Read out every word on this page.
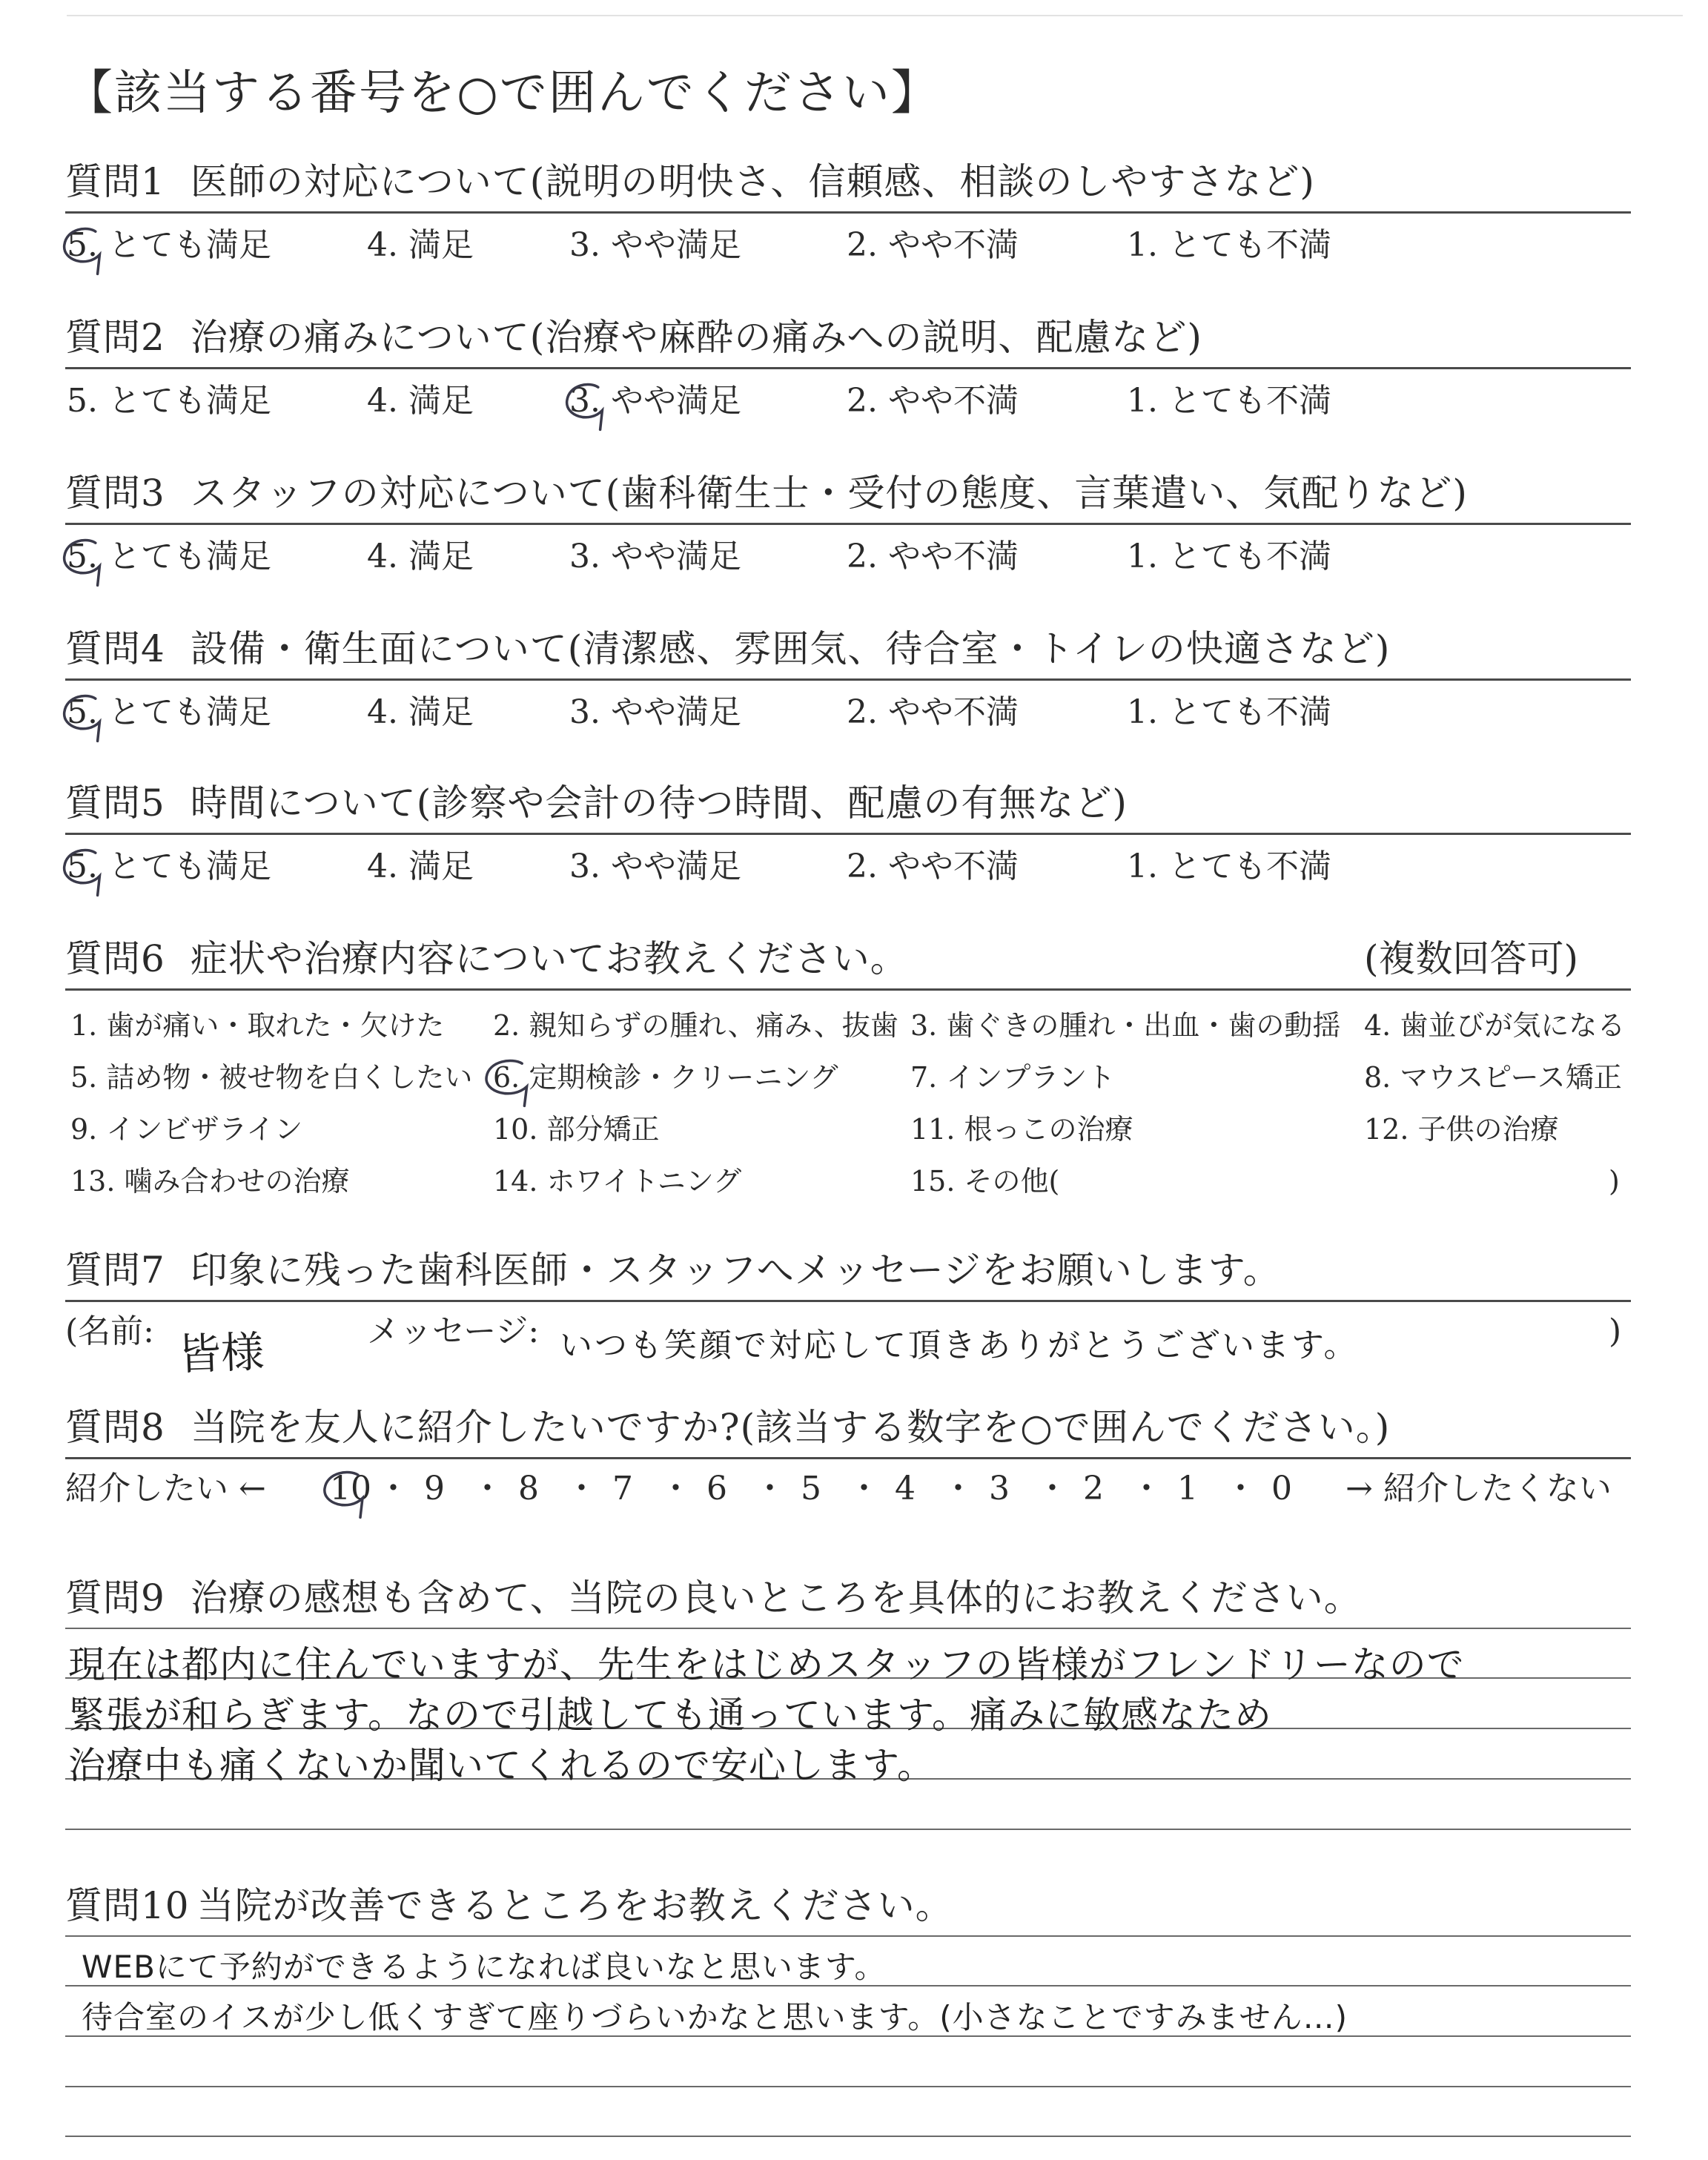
【該当する番号を○で囲んでください】
質問1 医師の対応について(説明の明快さ、信頼感、相談のしやすさなど)
5. とても満足	4. 満足	3. やや満足	2. やや不満	1. とても不満
質問2 治療の痛みについて(治療や麻酔の痛みへの説明、配慮など)
5. とても満足	4. 満足	3. やや満足	2. やや不満	1. とても不満
質問3 スタッフの対応について(歯科衛生士・受付の態度、言葉遣い、気配りなど)
5. とても満足	4. 満足	3. やや満足	2. やや不満	1. とても不満
質問4 設備・衛生面について(清潔感、雰囲気、待合室・トイレの快適さなど)
5. とても満足	4. 満足	3. やや満足	2. やや不満	1. とても不満
質問5 時間について(診察や会計の待つ時間、配慮の有無など)
5. とても満足	4. 満足	3. やや満足	2. やや不満	1. とても不満
質問6 症状や治療内容についてお教えください。	(複数回答可)
1. 歯が痛い・取れた・欠けた 2. 親知らずの腫れ、痛み、抜歯 3. 歯ぐきの腫れ・出血・歯の動揺 4. 歯並びが気になる
5. 詰め物・被せ物を白くしたい 6. 定期検診・クリーニング	7. インプラント	8. マウスピース矯正
9. インビザライン	10. 部分矯正	11. 根っこの治療	12. 子供の治療
13. 噛み合わせの治療	14. ホワイトニング	15. その他(	)
質問7 印象に残った歯科医師・スタッフへメッセージをお願いします。
(名前: 皆様	メッセージ: いつも笑顔で対応して頂きありがとうございます。	)
質問8 当院を友人に紹介したいですか?(該当する数字を○で囲んでください。)
紹介したい ← 10 ・ 9 ・ 8 ・ 7 ・ 6 ・ 5 ・ 4 ・ 3 ・ 2 ・ 1 ・ 0 → 紹介したくない
質問9 治療の感想も含めて、当院の良いところを具体的にお教えください。
現在は都内に住んでいますが、先生をはじめスタッフの皆様がフレンドリーなので
緊張が和らぎます。なので引越しても通っています。痛みに敏感なため
治療中も痛くないか聞いてくれるので安心します。
質問10 当院が改善できるところをお教えください。
WEBにて予約ができるようになれば良いなと思います。
待合室のイスが少し低くすぎて座りづらいかなと思います。(小さなことですみません…)
